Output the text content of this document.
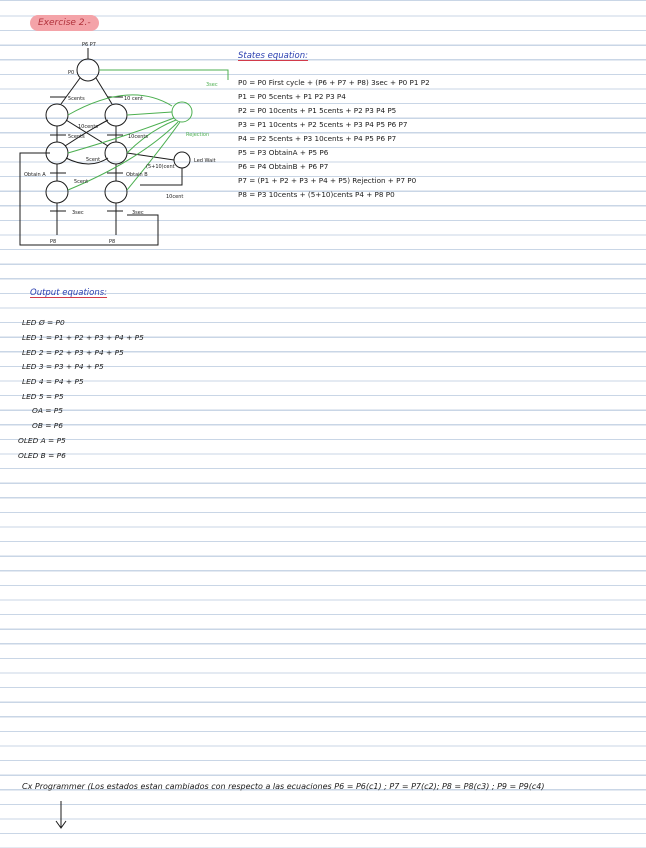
Exercise 2.-
P6 P7
P0
5cents	10 cent
5cents
10cents
10cents
5cent
Obtain A	Obtain B
5cent
(5+10)cent
Led Wait
3sec
Rejection
3sec	3sec
10cent
P8	P8
States equation:
P0 = P0 First cycle + (P6 + P7 + P8) 3sec + P0 P1 P2
P1 = P0 5cents + P1 P2 P3 P4
P2 = P0 10cents + P1 5cents + P2 P3 P4 P5
P3 = P1 10cents + P2 5cents + P3 P4 P5 P6 P7
P4 = P2 5cents + P3 10cents + P4 P5 P6 P7
P5 = P3 ObtainA + P5 P6
P6 = P4 ObtainB + P6 P7
P7 = (P1 + P2 + P3 + P4 + P5) Rejection + P7 P0
P8 = P3 10cents + (5+10)cents P4 + P8 P0
Output equations:
LED Ø = P0
LED 1 = P1 + P2 + P3 + P4 + P5
LED 2 = P2 + P3 + P4 + P5
LED 3 = P3 + P4 + P5
LED 4 = P4 + P5
LED 5 = P5
OA = P5
OB = P6
OLED A = P5
OLED B = P6
Cx Programmer (Los estados estan cambiados con respecto a las ecuaciones P6 = P6(c1) ; P7 = P7(c2); P8 = P8(c3) ; P9 = P9(c4)
